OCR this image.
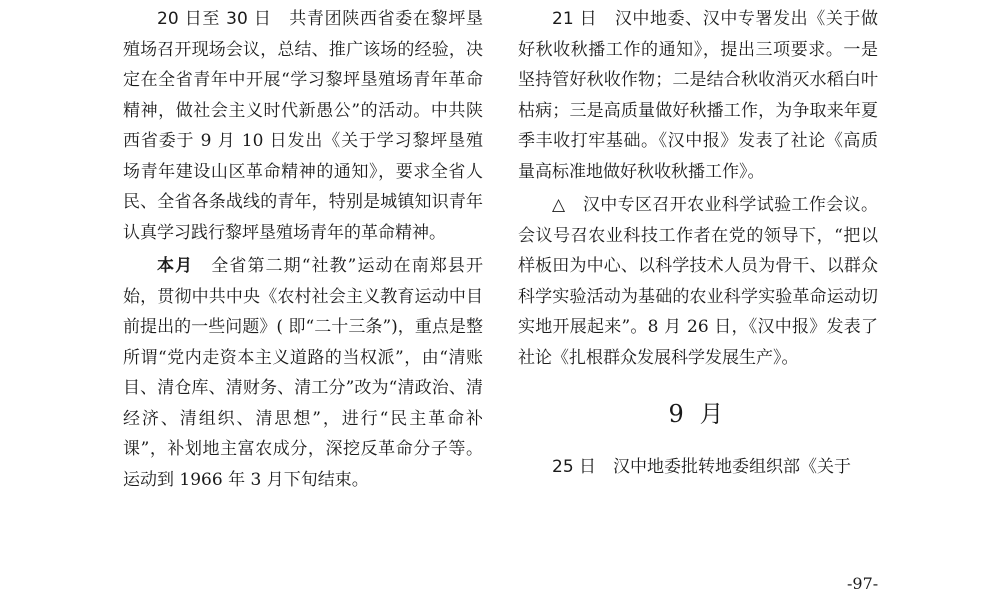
20 日至 30 日　 共青团陕西省委在黎坪垦殖场召开现场会议，总结、推广该场的经验，决定在全省青年中开展“学习黎坪垦殖场青年革命精神，做社会主义时代新愚公”的活动。中共陕西省委于 9 月 10 日发出《关于学习黎坪垦殖场青年建设山区革命精神的通知》，要求全省人民、全省各条战线的青年，特别是城镇知识青年认真学习践行黎坪垦殖场青年的革命精神。

本月　 全省第二期“社教”运动在南郑县开始，贯彻中共中央《农村社会主义教育运动中目前提出的一些问题》( 即“二十三条”)，重点是整所谓“党内走资本主义道路的当权派”，由“清账目、清仓库、清财务、清工分”改为“清政治、清经济、清组织、清思想”，进行“民主革命补课”，补划地主富农成分，深挖反革命分子等。运动到 1966 年 3 月下旬结束。

21 日　 汉中地委、汉中专署发出《关于做好秋收秋播工作的通知》，提出三项要求。一是坚持管好秋收作物；二是结合秋收消灭水稻白叶枯病；三是高质量做好秋播工作，为争取来年夏季丰收打牢基础。《汉中报》发表了社论《高质量高标准地做好秋收秋播工作》。

△　 汉中专区召开农业科学试验工作会议。会议号召农业科技工作者在党的领导下，“把以样板田为中心、以科学技术人员为骨干、以群众科学实验活动为基础的农业科学实验革命运动切实地开展起来”。8 月 26 日，《汉中报》发表了社论《扎根群众发展科学发展生产》。

9 月

25 日　 汉中地委批转地委组织部《关于

-97-
